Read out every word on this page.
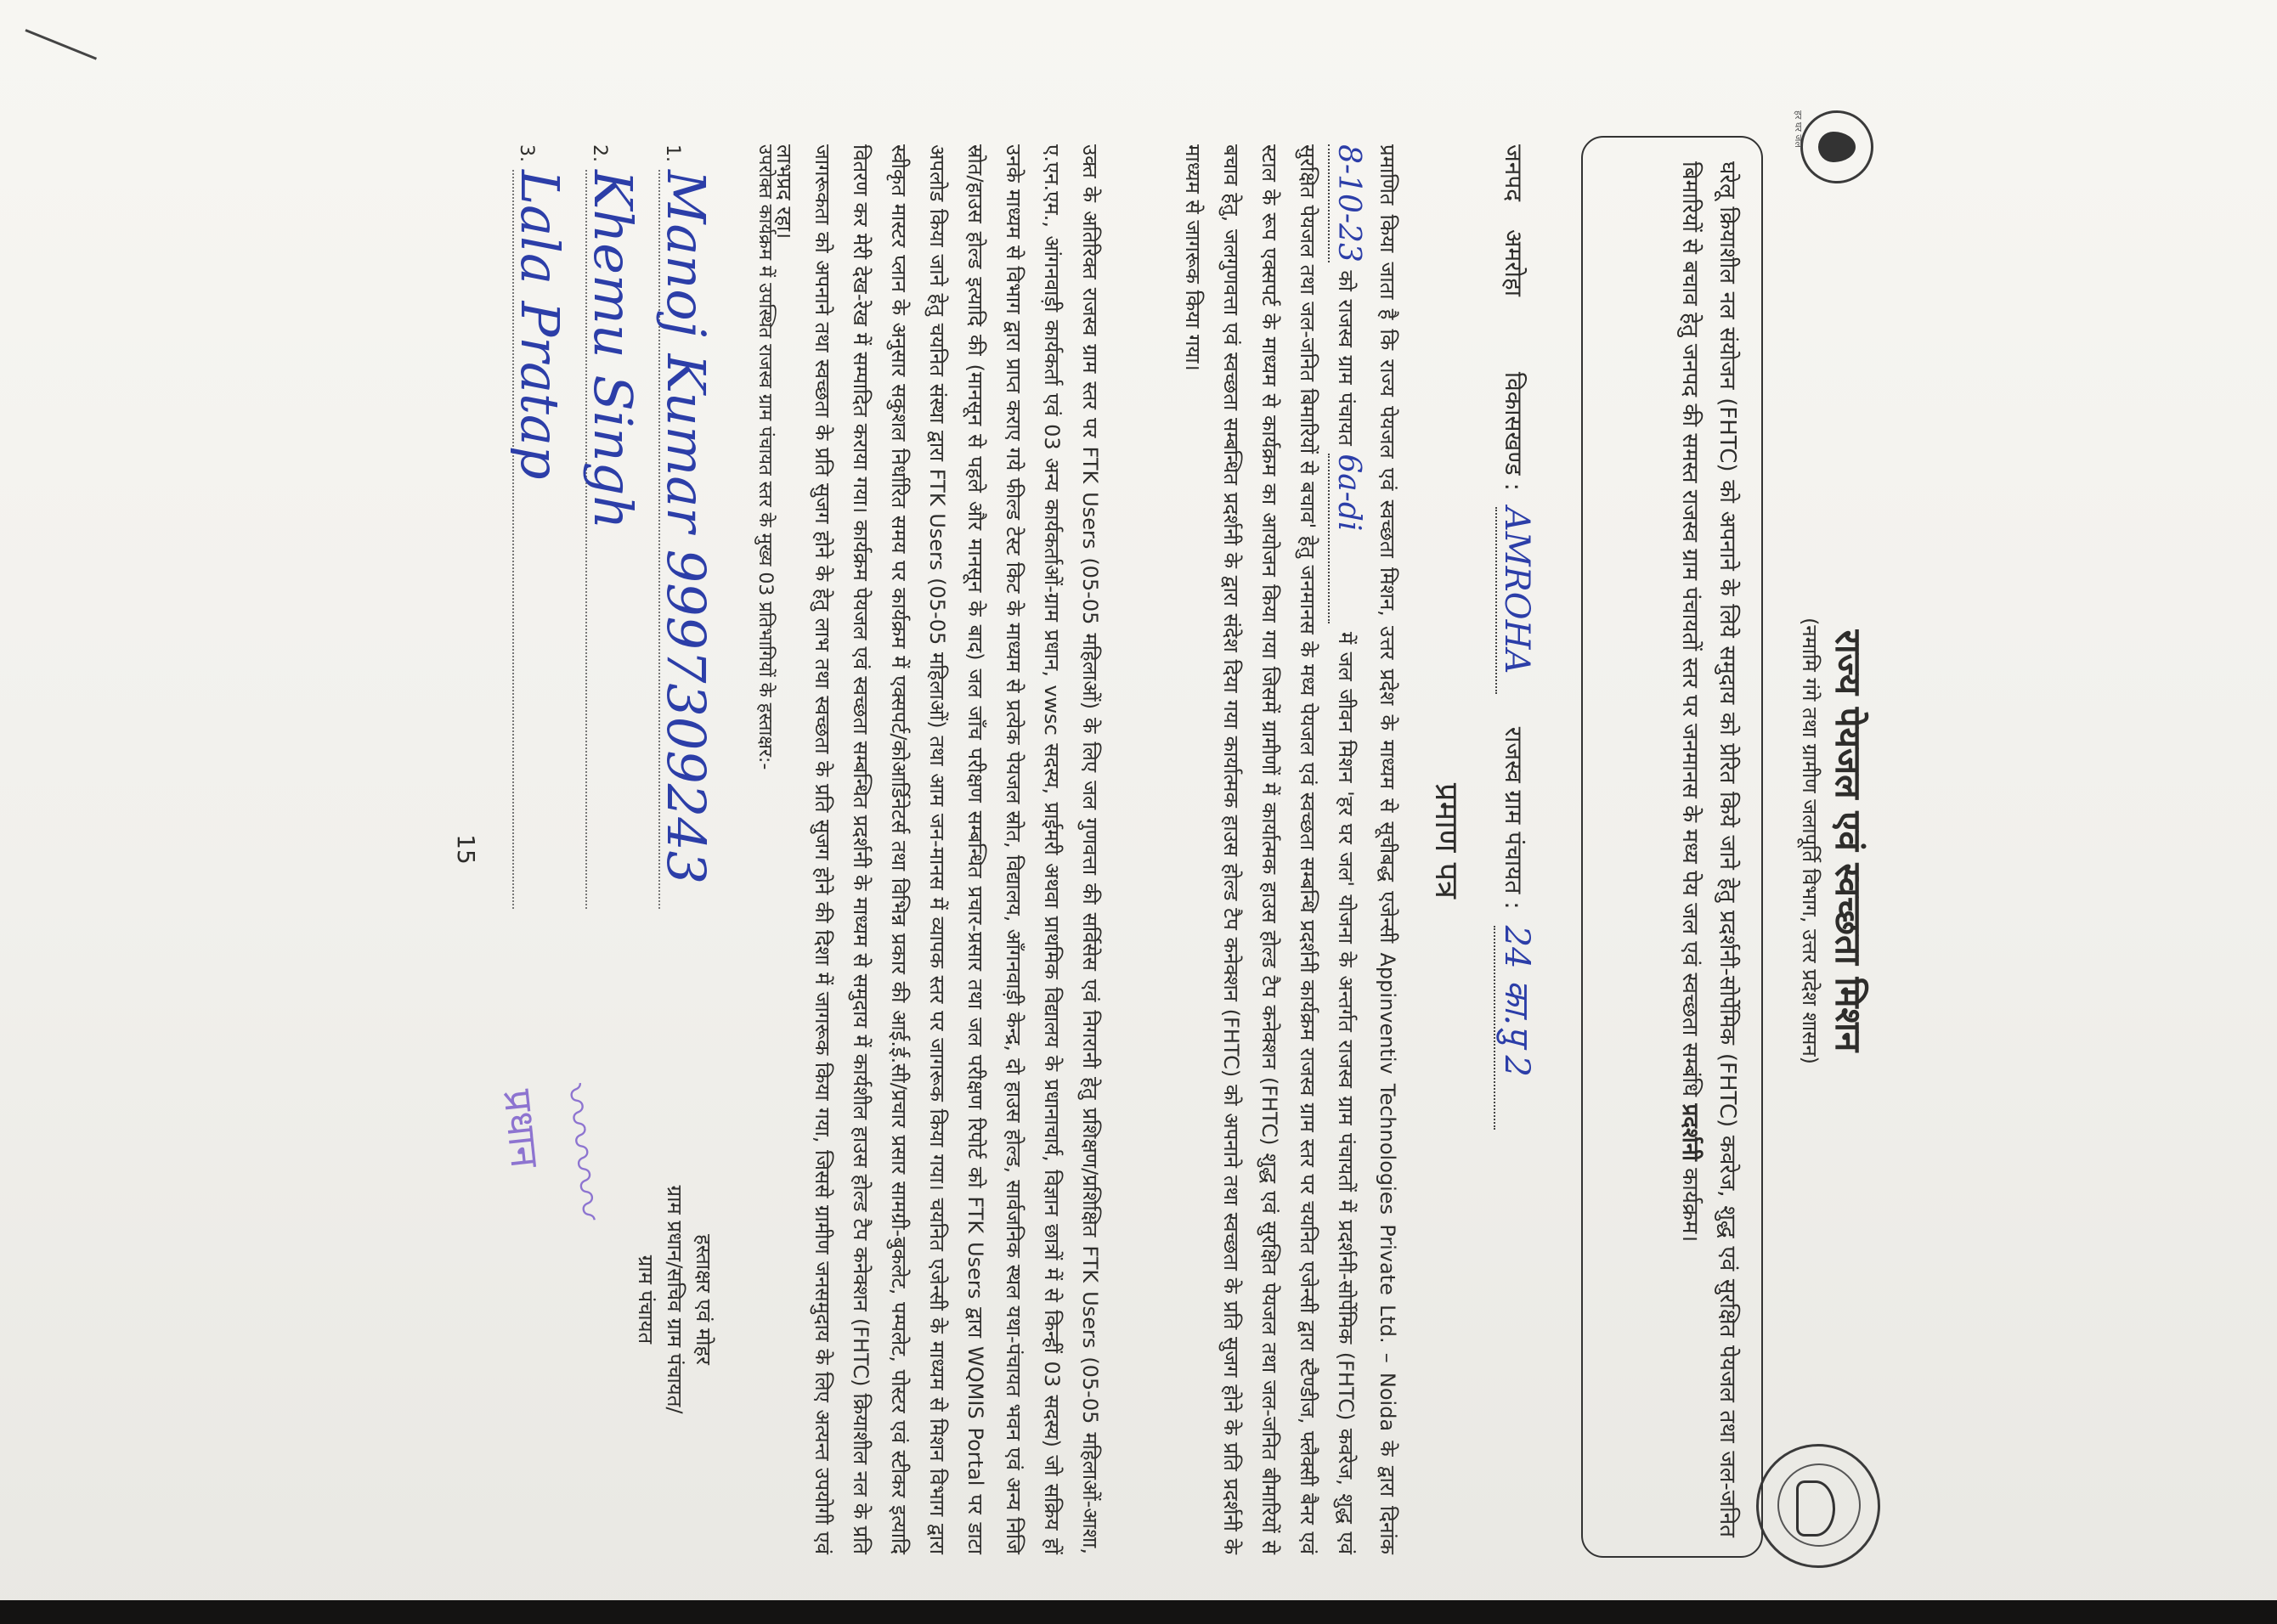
हर घर जल
राज्य पेयजल एवं स्वच्छता मिशन
(नमामि गंगे तथा ग्रामीण जलापूर्ति विभाग, उत्तर प्रदेश शासन)
घरेलू क्रियाशील नल संयोजन (FHTC) को अपनाने के लिये समुदाय को प्रेरित किये जाने हेतु प्रदर्शनी-सोर्पेमिक (FHTC) कवरेज, शुद्ध एवं सुरक्षित पेयजल तथा जल-जनित बिमारियों से बचाव हेतु जनपद की समस्त राजस्व ग्राम पंचायतों स्तर पर जनमानस के मध्य पेय जल एवं स्वच्छता सम्बंधि प्रदर्शनी कार्यक्रम।
जनपद अमरोहा विकासखण्ड : AMROHA राजस्व ग्राम पंचायत : 24 का.पु 2
प्रमाण पत्र
प्रमाणित किया जाता है कि राज्य पेयजल एवं स्वच्छता मिशन, उत्तर प्रदेश के माध्यम से सूचीबद्ध एजेन्सी Appinventiv Technologies Private Ltd. – Noida के द्वारा दिनांक 8-10-23 को राजस्व ग्राम पंचायत 6a-di में जल जीवन मिशन 'हर घर जल' योजना के अन्तर्गत राजस्व ग्राम पंचायतों में प्रदर्शनी-सोर्पेमिक (FHTC) कवरेज, शुद्ध एवं सुरक्षित पेयजल तथा जल-जनित बिमारियों से बचाव' हेतु जनमानस के मध्य पेयजल एवं स्वच्छता सम्बन्धि प्रदर्शनी कार्यक्रम राजस्व ग्राम स्तर पर चयनित एजेन्सी द्वारा स्टैण्डीज, फ्लैक्सी बैनर एवं स्टाल के रूप एक्सपर्ट के माध्यम से कार्यक्रम का आयोजन किया गया जिसमें ग्रामीणों में कार्यात्मक हाउस होल्ड टैप कनेक्शन (FHTC) शुद्ध एवं सुरक्षित पेयजल तथा जल-जनित बीमारियों से बचाव हेतु, जलगुणवत्ता एवं स्वच्छता सम्बन्धित प्रदर्शनी के द्वारा संदेश दिया गया कार्यात्मक हाउस होल्ड टैप कनेक्शन (FHTC) को अपनाने तथा स्वच्छता के प्रति सुजग होने के प्रति प्रदर्शनी के माध्यम से जागरूक किया गया।
उक्त के अतिरिक्त राजस्व ग्राम स्तर पर FTK Users (05-05 महिलाओं) के लिए जल गुणवत्ता की सर्विसेस एवं निगरानी हेतु प्रशिक्षण/प्रशिक्षित FTK Users (05-05 महिलाओं-आशा, ए.एन.एम., आंगनवाड़ी कार्यकर्ता एवं 03 अन्य कार्यकर्ताओं-ग्राम प्रधान, vwsc सदस्य, प्राईमरी अथवा प्राथमिक विद्यालय के प्रधानाचार्य, विज्ञान छात्रों में से किन्हीं 03 सदस्य) जो सक्रिय हों उनके माध्यम से विभाग द्वारा प्राप्त कराए गये फील्ड टेस्ट किट के माध्यम से प्रत्येक पेयजल स्रोत, विद्यालय, आँगनवाड़ी केन्द्र, दो हाउस होल्ड, सार्वजनिक स्थल यथा-पंचायत भवन एवं अन्य निजि स्रोत/हाउस होल्ड इत्यादि की (मानसून से पहले और मानसून के बाद) जल जाँच परीक्षण सम्बन्धित प्रचार-प्रसार तथा जल परीक्षण रिपोर्ट को FTK Users द्वारा WQMIS Portal पर डाटा अपलोड किया जाने हेतु चयनित संस्था द्वारा FTK Users (05-05 महिलाओं) तथा आम जन-मानस में व्यापक स्तर पर जागरूक किया गया। चयनित एजेन्सी के माध्यम से मिशन विभाग द्वारा स्वीकृत मास्टर प्लान के अनुसार सकुशल निर्धारित समय पर कार्यक्रम में एक्सपर्ट/कोआर्डिनेटर्स तथा विभिन्न प्रकार की आई.ई.सी/प्रचार प्रसार सामग्री-बुकलेट, पम्पलेट, पोस्टर एवं स्टीकर इत्यादि वितरण कर मेरी देख-रेख में सम्पादित कराया गया। कार्यक्रम पेयजल एवं स्वच्छता सम्बन्धित प्रदर्शनी के माध्यम से समुदाय में कार्यशील हाउस होल्ड टैप कनेक्शन (FHTC) क्रियाशील नल के प्रति जागरूकता को अपनाने तथा स्वच्छता के प्रति सुजग होने के हेतु लाभ तथा स्वच्छता के प्रति सुजग होने की दिशा में जागरूक किया गया, जिससे ग्रामीण जनसमुदाय के लिए अत्यन्त उपयोगी एवं लाभप्रद रहा।
उपरोक्त कार्यक्रम में उपस्थित राजस्व ग्राम पंचायत स्तर के मुख्य 03 प्रतिभागियों के हस्ताक्षर:-
1.
Manoj Kumar 9997309243
2.
Khemu Singh
3.
Lala Pratap
हस्ताक्षर एवं मोहर
ग्राम प्रधान/सचिव ग्राम पंचायत/
ग्राम पंचायत
〰〰〰
प्रधान
15
